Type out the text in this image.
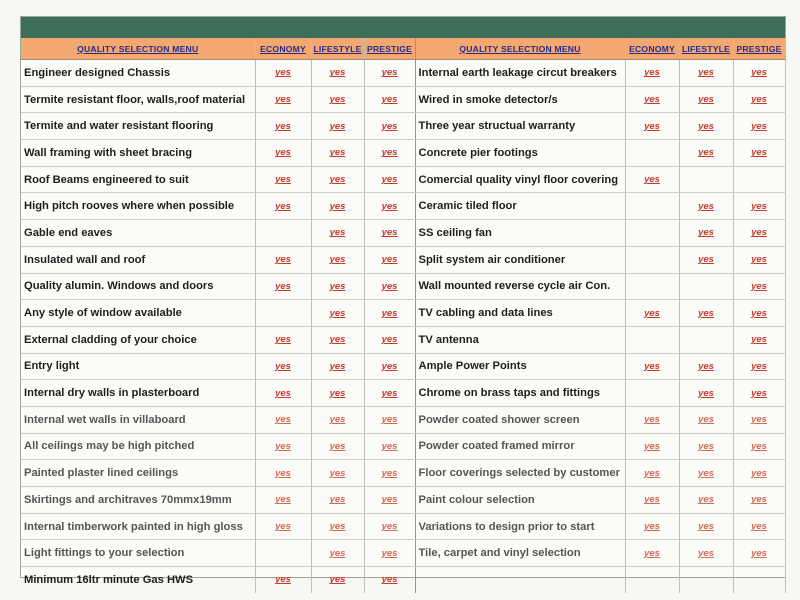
QUALITY SELECTION MENU	ECONOMY	LIFESTYLE	PRESTIGE	QUALITY SELECTION MENU	ECONOMY	LIFESTYLE	PRESTIGE
Engineer designed Chassis	yes	yes	yes	Internal earth leakage circut breakers	yes	yes	yes
Termite resistant floor, walls,roof material	yes	yes	yes	Wired in smoke detector/s	yes	yes	yes
Termite and water resistant flooring	yes	yes	yes	Three year structual warranty	yes	yes	yes
Wall framing with sheet bracing	yes	yes	yes	Concrete pier footings		yes	yes
Roof Beams engineered to suit	yes	yes	yes	Comercial quality vinyl floor covering	yes		
High pitch rooves where when possible	yes	yes	yes	Ceramic tiled floor		yes	yes
Gable end eaves		yes	yes	SS ceiling fan		yes	yes
Insulated wall and roof	yes	yes	yes	Split system air conditioner		yes	yes
Quality alumin. Windows and doors	yes	yes	yes	Wall mounted reverse cycle air Con.			yes
Any style of window available		yes	yes	TV cabling and data lines	yes	yes	yes
External cladding of your choice	yes	yes	yes	TV antenna			yes
Entry light	yes	yes	yes	Ample Power Points	yes	yes	yes
Internal dry walls in plasterboard	yes	yes	yes	Chrome on brass taps and fittings		yes	yes
Internal wet walls in villaboard	yes	yes	yes	Powder coated shower screen	yes	yes	yes
All ceilings may be high pitched	yes	yes	yes	Powder coated framed mirror	yes	yes	yes
Painted plaster lined ceilings	yes	yes	yes	Floor coverings selected by customer	yes	yes	yes
Skirtings and architraves 70mmx19mm	yes	yes	yes	Paint colour selection	yes	yes	yes
Internal timberwork painted in high gloss	yes	yes	yes	Variations to design prior to start	yes	yes	yes
Light fittings to your selection		yes	yes	Tile, carpet and vinyl selection	yes	yes	yes
Minimum 16ltr minute Gas HWS	yes	yes	yes				
